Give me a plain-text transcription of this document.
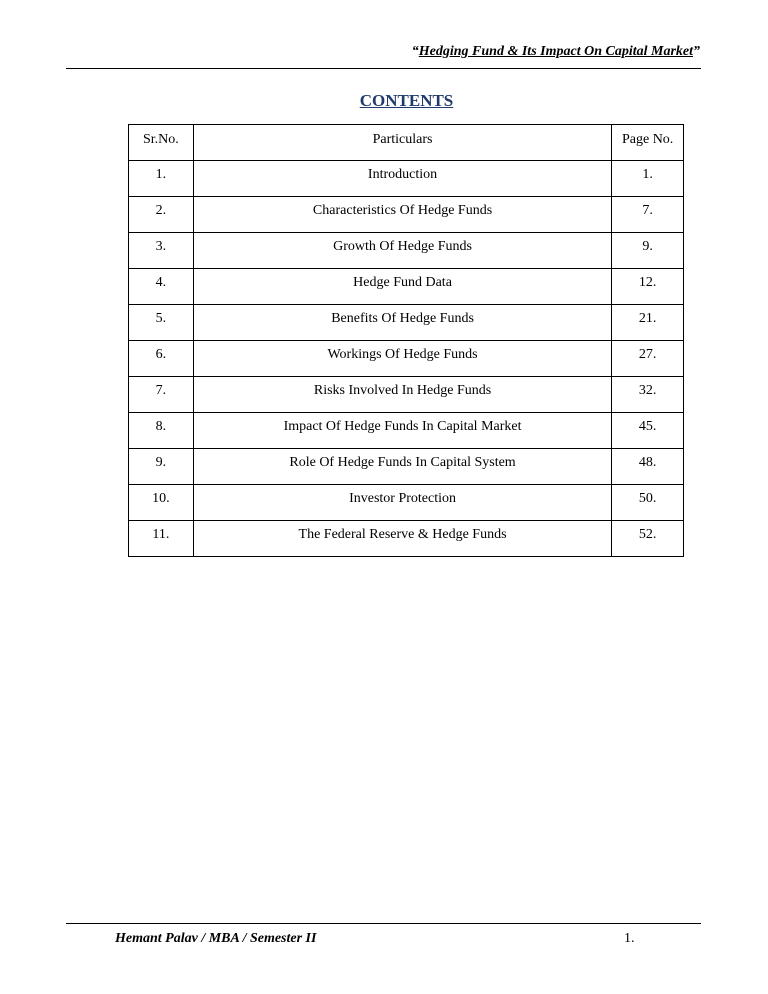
“Hedging Fund & Its Impact On Capital Market”
CONTENTS
Sr.No.	Particulars	Page No.
1.	Introduction	1.
2.	Characteristics Of Hedge Funds	7.
3.	Growth Of Hedge Funds	9.
4.	Hedge Fund Data	12.
5.	Benefits Of Hedge Funds	21.
6.	Workings Of Hedge Funds	27.
7.	Risks Involved In Hedge Funds	32.
8.	Impact Of Hedge Funds In Capital Market	45.
9.	Role Of Hedge Funds In Capital System	48.
10.	Investor Protection	50.
11.	The Federal Reserve & Hedge Funds	52.
Hemant Palav / MBA / Semester II	1.
